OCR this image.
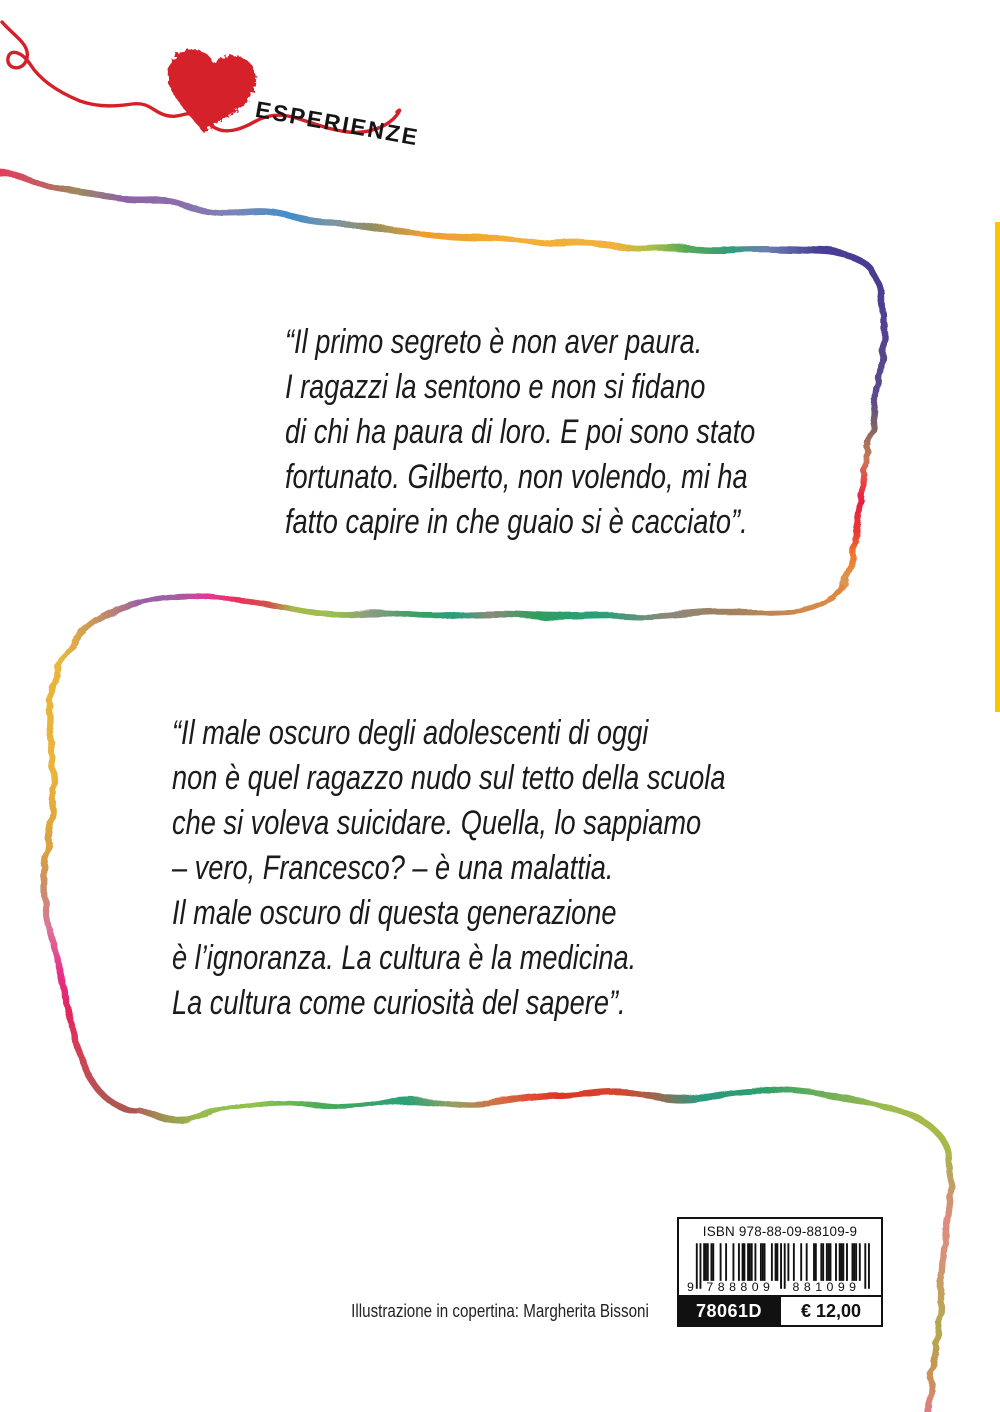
ESPERIENZE
“Il primo segreto è non aver paura.
I ragazzi la sentono e non si fidano
di chi ha paura di loro. E poi sono stato
fortunato. Gilberto, non volendo, mi ha
fatto capire in che guaio si è cacciato”.
“Il male oscuro degli adolescenti di oggi
non è quel ragazzo nudo sul tetto della scuola
che si voleva suicidare. Quella, lo sappiamo
– vero, Francesco? – è una malattia.
Il male oscuro di questa generazione
è l’ignoranza. La cultura è la medicina.
La cultura come curiosità del sapere”.
Illustrazione in copertina: Margherita Bissoni
ISBN 978-88-09-88109-9
9 788809 881099
78061D	€ 12,00
